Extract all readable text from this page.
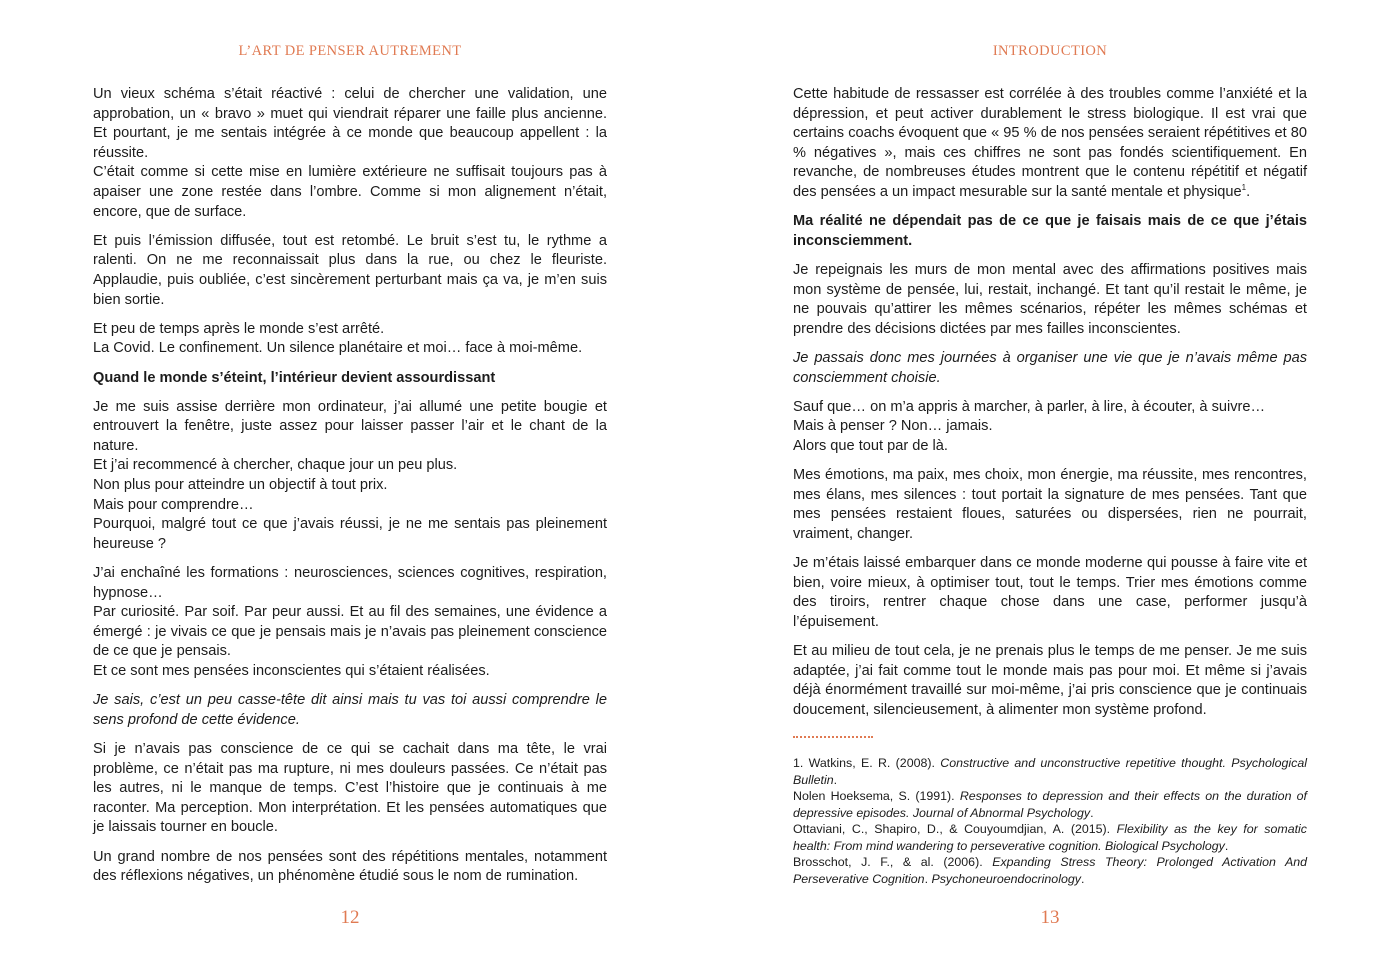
L’ART DE PENSER AUTREMENT

Un vieux schéma s’était réactivé : celui de chercher une validation, une approbation, un « bravo » muet qui viendrait réparer une faille plus ancienne. Et pourtant, je me sentais intégrée à ce monde que beaucoup appellent : la réussite.
C’était comme si cette mise en lumière extérieure ne suffisait toujours pas à apaiser une zone restée dans l’ombre. Comme si mon alignement n’était, encore, que de surface.

Et puis l’émission diffusée, tout est retombé. Le bruit s’est tu, le rythme a ralenti. On ne me reconnaissait plus dans la rue, ou chez le fleuriste. Applaudie, puis oubliée, c’est sincèrement perturbant mais ça va, je m’en suis bien sortie.

Et peu de temps après le monde s’est arrêté.
La Covid. Le confinement. Un silence planétaire et moi… face à moi-même.

Quand le monde s’éteint, l’intérieur devient assourdissant

Je me suis assise derrière mon ordinateur, j’ai allumé une petite bougie et entrouvert la fenêtre, juste assez pour laisser passer l’air et le chant de la nature.
Et j’ai recommencé à chercher, chaque jour un peu plus.
Non plus pour atteindre un objectif à tout prix.
Mais pour comprendre…
Pourquoi, malgré tout ce que j’avais réussi, je ne me sentais pas pleinement heureuse ?

J’ai enchaîné les formations : neurosciences, sciences cognitives, respiration, hypnose…
Par curiosité. Par soif. Par peur aussi. Et au fil des semaines, une évidence a émergé : je vivais ce que je pensais mais je n’avais pas pleinement conscience de ce que je pensais.
Et ce sont mes pensées inconscientes qui s’étaient réalisées.

Je sais, c’est un peu casse-tête dit ainsi mais tu vas toi aussi comprendre le sens profond de cette évidence.

Si je n’avais pas conscience de ce qui se cachait dans ma tête, le vrai problème, ce n’était pas ma rupture, ni mes douleurs passées. Ce n’était pas les autres, ni le manque de temps. C’est l’histoire que je continuais à me raconter. Ma perception. Mon interprétation. Et les pensées automatiques que je laissais tourner en boucle.

Un grand nombre de nos pensées sont des répétitions mentales, notamment des réflexions négatives, un phénomène étudié sous le nom de rumination.

12
INTRODUCTION

Cette habitude de ressasser est corrélée à des troubles comme l’anxiété et la dépression, et peut activer durablement le stress biologique. Il est vrai que certains coachs évoquent que « 95 % de nos pensées seraient répétitives et 80 % négatives », mais ces chiffres ne sont pas fondés scientifiquement. En revanche, de nombreuses études montrent que le contenu répétitif et négatif des pensées a un impact mesurable sur la santé mentale et physique$^1$.

Ma réalité ne dépendait pas de ce que je faisais mais de ce que j’étais inconsciemment.

Je repeignais les murs de mon mental avec des affirmations positives mais mon système de pensée, lui, restait, inchangé. Et tant qu’il restait le même, je ne pouvais qu’attirer les mêmes scénarios, répéter les mêmes schémas et prendre des décisions dictées par mes failles inconscientes.

Je passais donc mes journées à organiser une vie que je n’avais même pas consciemment choisie.

Sauf que… on m’a appris à marcher, à parler, à lire, à écouter, à suivre…
Mais à penser ? Non… jamais.
Alors que tout par de là.

Mes émotions, ma paix, mes choix, mon énergie, ma réussite, mes rencontres, mes élans, mes silences : tout portait la signature de mes pensées. Tant que mes pensées restaient floues, saturées ou dispersées, rien ne pourrait, vraiment, changer.

Je m’étais laissé embarquer dans ce monde moderne qui pousse à faire vite et bien, voire mieux, à optimiser tout, tout le temps. Trier mes émotions comme des tiroirs, rentrer chaque chose dans une case, performer jusqu’à l’épuisement.

Et au milieu de tout cela, je ne prenais plus le temps de me penser. Je me suis adaptée, j’ai fait comme tout le monde mais pas pour moi. Et même si j’avais déjà énormément travaillé sur moi-même, j’ai pris conscience que je continuais doucement, silencieusement, à alimenter mon système profond.

1. Watkins, E. R. (2008). Constructive and unconstructive repetitive thought. Psychological Bulletin.

Nolen Hoeksema, S. (1991). Responses to depression and their effects on the duration of depressive episodes. Journal of Abnormal Psychology.

Ottaviani, C., Shapiro, D., & Couyoumdjian, A. (2015). Flexibility as the key for somatic health: From mind wandering to perseverative cognition. Biological Psychology.

Brosschot, J. F., & al. (2006). Expanding Stress Theory: Prolonged Activation And Perseverative Cognition. Psychoneuroendocrinology.

13
